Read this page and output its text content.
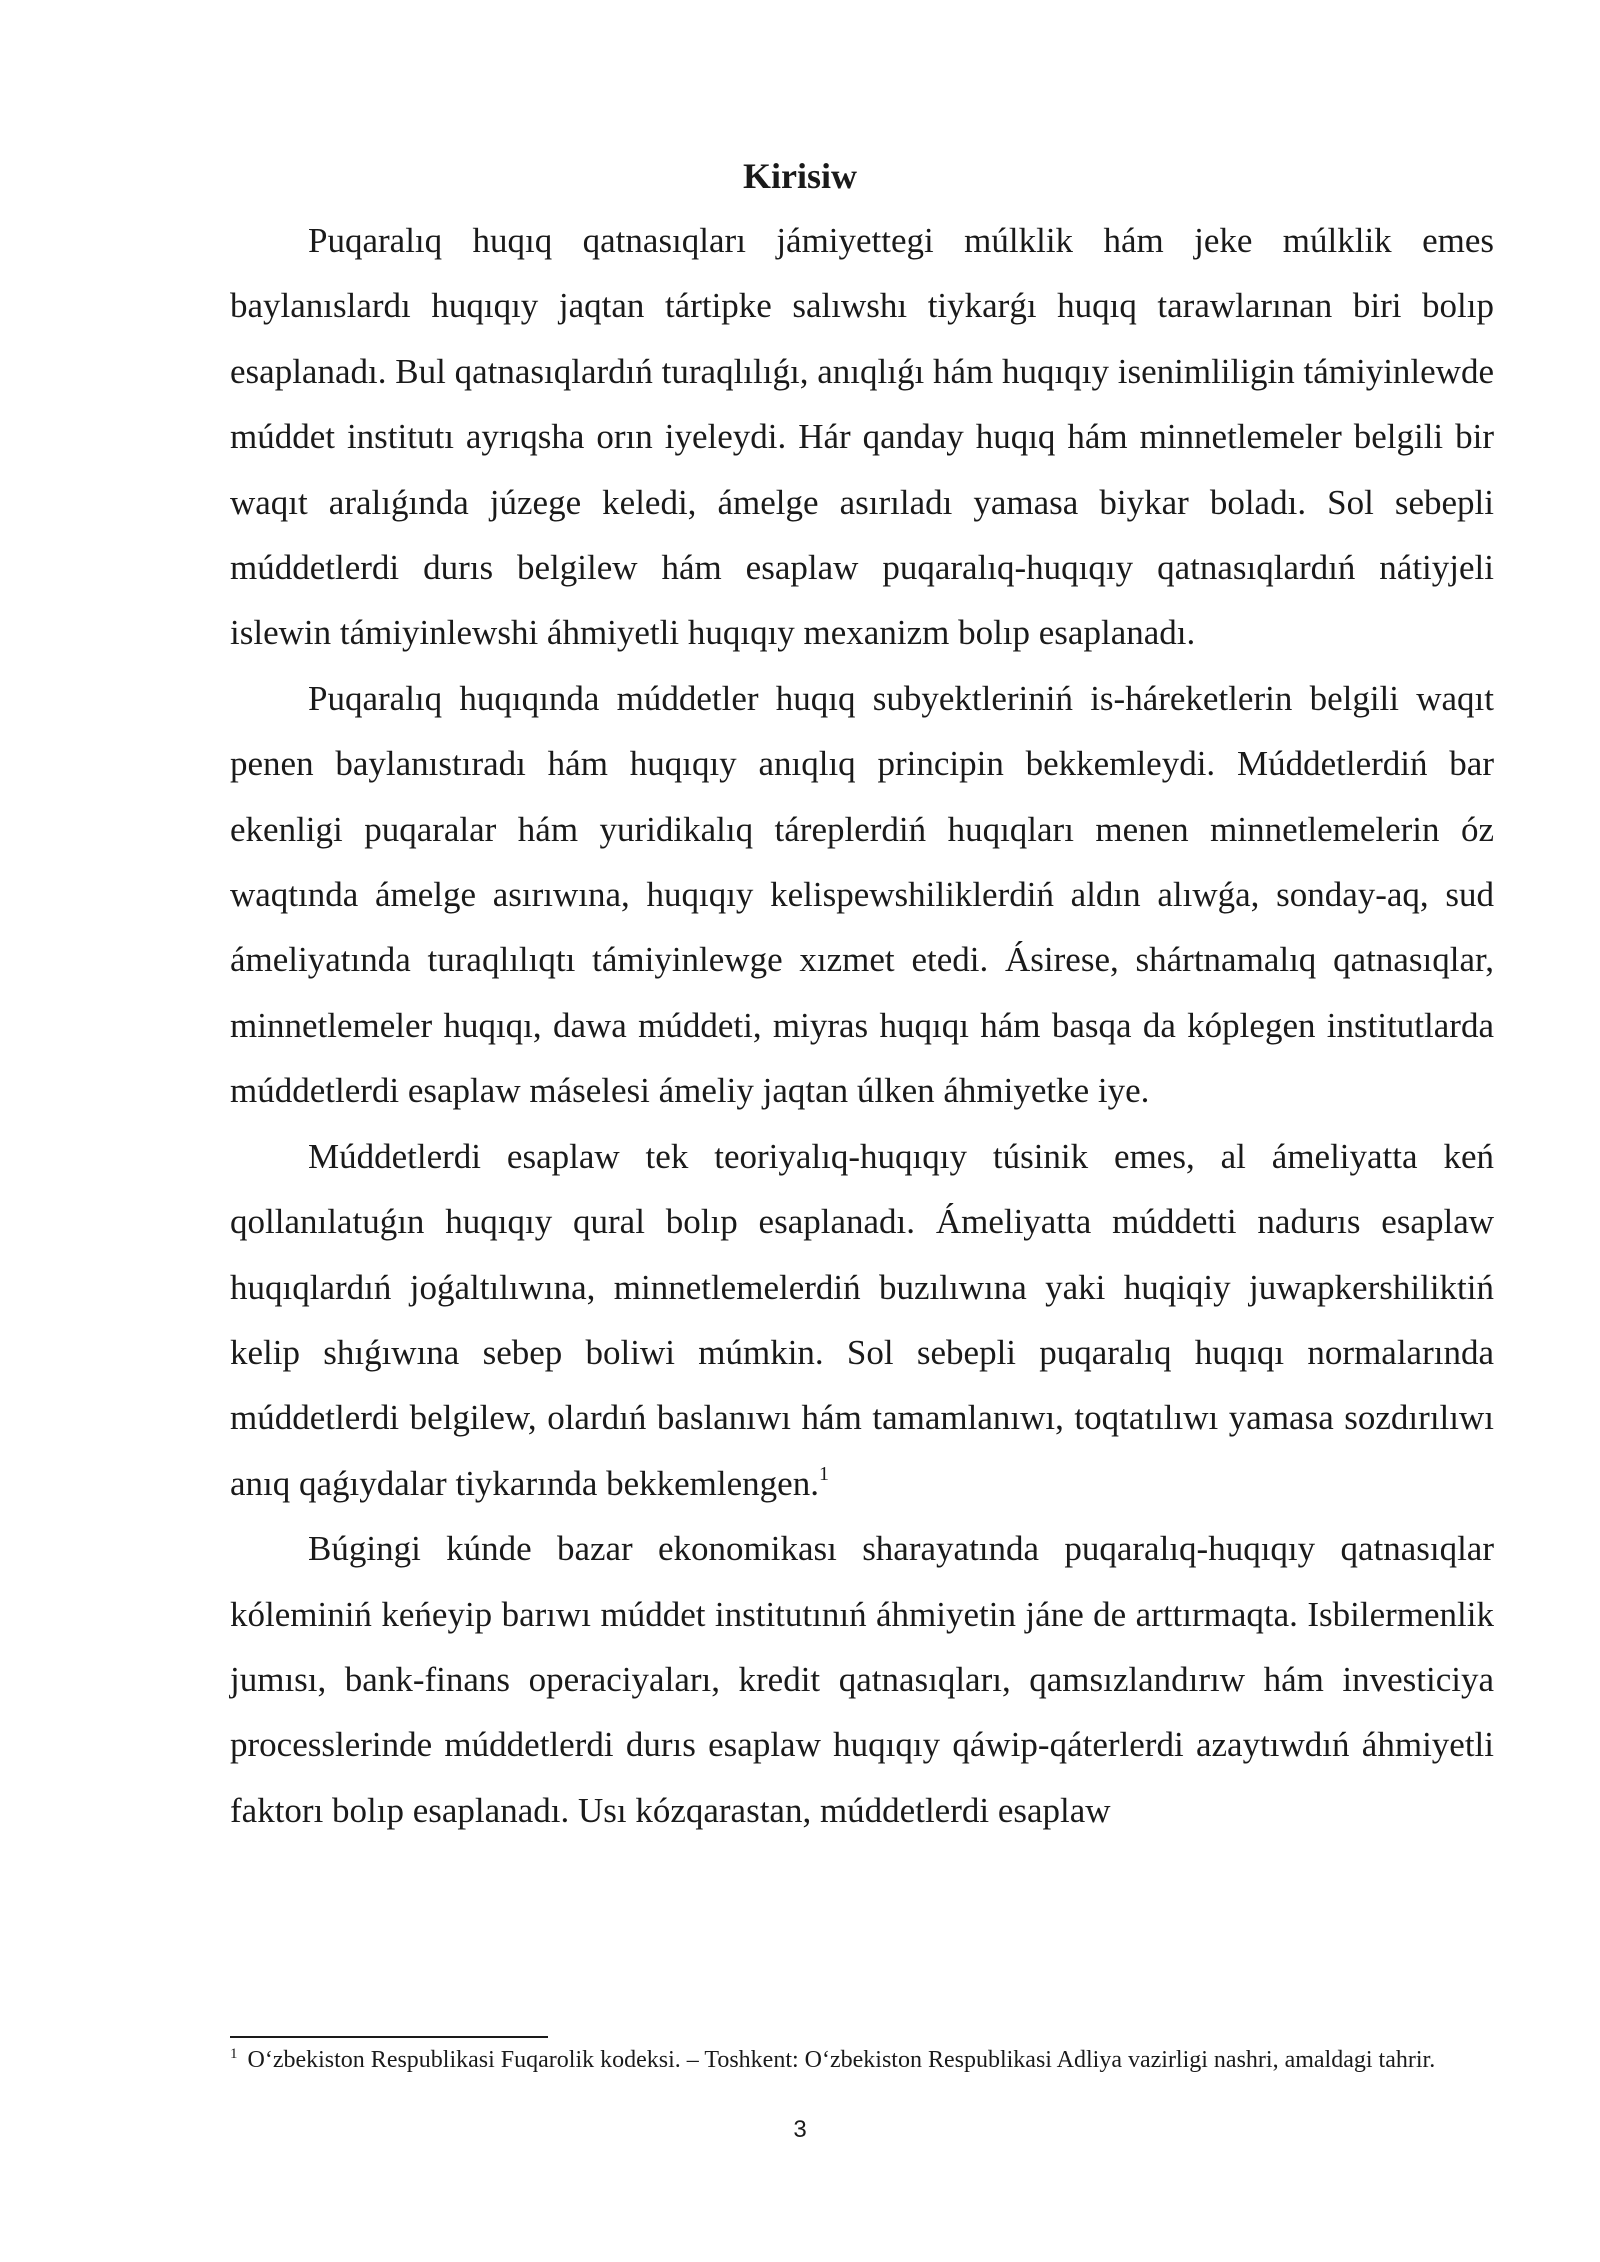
Kirisiw

Puqaralıq huqıq qatnasıqları jámiyettegi múlklik hám jeke múlklik emes baylanıslardı huqıqıy jaqtan tártipke salıwshı tiykarǵı huqıq tarawlarınan biri bolıp esaplanadı. Bul qatnasıqlardıń turaqlılıǵı, anıqlıǵı hám huqıqıy isenimliligin támiyinlewde múddet institutı ayrıqsha orın iyeleydi. Hár qanday huqıq hám minnetlemeler belgili bir waqıt aralıǵında júzege keledi, ámelge asırıladı yamasa biykar boladı. Sol sebepli múddetlerdi durıs belgilew hám esaplaw puqaralıq-huqıqıy qatnasıqlardıń nátiyjeli islewin támiyinlewshi áhmiyetli huqıqıy mexanizm bolıp esaplanadı.

Puqaralıq huqıqında múddetler huqıq subyektleriniń is-háreketlerin belgili waqıt penen baylanıstıradı hám huqıqıy anıqlıq principin bekkemleydi. Múddetlerdiń bar ekenligi puqaralar hám yuridikalıq táreplerdiń huqıqları menen minnetlemelerin óz waqtında ámelge asırıwına, huqıqıy kelispewshiliklerdiń aldın alıwǵa, sonday-aq, sud ámeliyatında turaqlılıqtı támiyinlewge xızmet etedi. Ásirese, shártnamalıq qatnasıqlar, minnetlemeler huqıqı, dawa múddeti, miyras huqıqı hám basqa da kóplegen institutlarda múddetlerdi esaplaw máselesi ámeliy jaqtan úlken áhmiyetke iye.

Múddetlerdi esaplaw tek teoriyalıq-huqıqıy túsinik emes, al ámeliyatta keń qollanılatuǵın huqıqıy qural bolıp esaplanadı. Ámeliyatta múddetti nadurıs esaplaw huqıqlardıń joǵaltılıwına, minnetlemelerdiń buzılıwına yaki huqiqiy juwapkershiliktiń kelip shıǵıwına sebep boliwi múmkin. Sol sebepli puqaralıq huqıqı normalarında múddetlerdi belgilew, olardıń baslanıwı hám tamamlanıwı, toqtatılıwı yamasa sozdırılıwı anıq qaǵıydalar tiykarında bekkemlengen.$^1$

Búgingi kúnde bazar ekonomikası sharayatında puqaralıq-huqıqıy qatnasıqlar kóleminiń keńeyip barıwı múddet institutınıń áhmiyetin jáne de arttırmaqta. Isbilermenlik jumısı, bank-finans operaciyaları, kredit qatnasıqları, qamsızlandırıw hám investiciya processlerinde múddetlerdi durıs esaplaw huqıqıy qáwip-qáterlerdi azaytıwdıń áhmiyetli faktorı bolıp esaplanadı. Usı kózqarastan, múddetlerdi esaplaw

$^1$ O‘zbekiston Respublikasi Fuqarolik kodeksi. – Toshkent: O‘zbekiston Respublikasi Adliya vazirligi nashri, amaldagi tahrir.
3
